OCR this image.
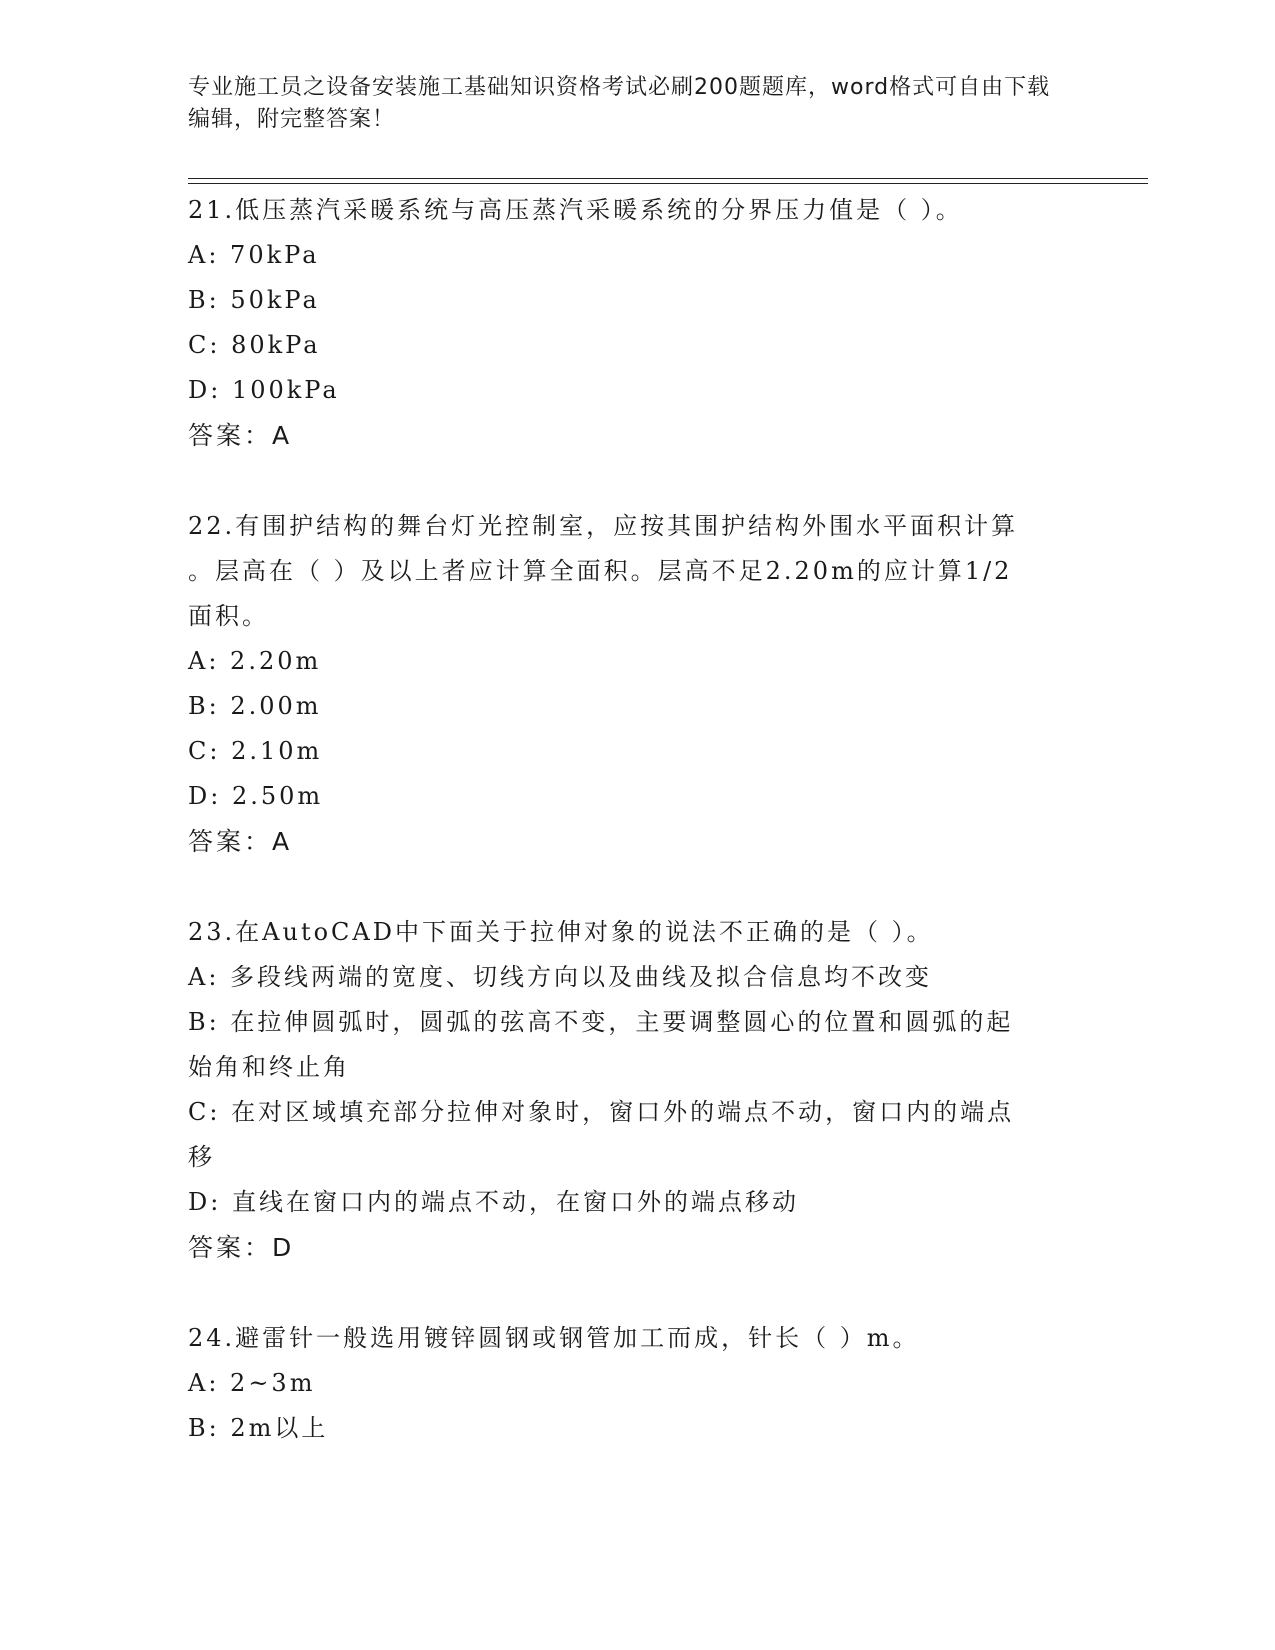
专业施工员之设备安装施工基础知识资格考试必刷200题题库，word格式可自由下载编辑，附完整答案！
21.低压蒸汽采暖系统与高压蒸汽采暖系统的分界压力值是（ ）。
A: 70kPa
B: 50kPa
C: 80kPa
D: 100kPa
答案：A
22.有围护结构的舞台灯光控制室，应按其围护结构外围水平面积计算
。层高在（ ）及以上者应计算全面积。层高不足2.20m的应计算1/2
面积。
A: 2.20m
B: 2.00m
C: 2.10m
D: 2.50m
答案：A
23.在AutoCAD中下面关于拉伸对象的说法不正确的是（ ）。
A: 多段线两端的宽度、切线方向以及曲线及拟合信息均不改变
B: 在拉伸圆弧时，圆弧的弦高不变，主要调整圆心的位置和圆弧的起
始角和终止角
C: 在对区域填充部分拉伸对象时，窗口外的端点不动，窗口内的端点
移
D: 直线在窗口内的端点不动，在窗口外的端点移动
答案：D
24.避雷针一般选用镀锌圆钢或钢管加工而成，针长（ ）m。
A: 2~3m
B: 2m以上
